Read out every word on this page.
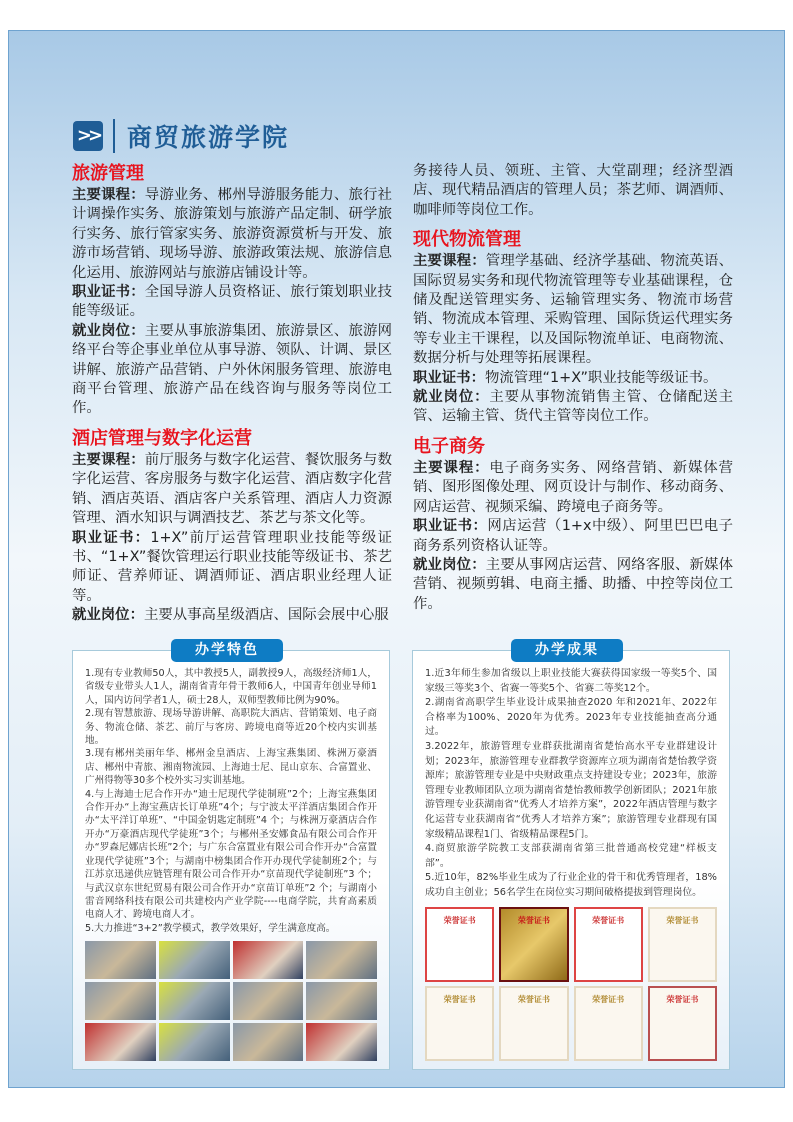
>> 商贸旅游学院
旅游管理

主要课程：导游业务、郴州导游服务能力、旅行社计调操作实务、旅游策划与旅游产品定制、研学旅行实务、旅行管家实务、旅游资源赏析与开发、旅游市场营销、现场导游、旅游政策法规、旅游信息化运用、旅游网站与旅游店铺设计等。

职业证书：全国导游人员资格证、旅行策划职业技能等级证。

就业岗位：主要从事旅游集团、旅游景区、旅游网络平台等企事业单位从事导游、领队、计调、景区讲解、旅游产品营销、户外休闲服务管理、旅游电商平台管理、旅游产品在线咨询与服务等岗位工作。

酒店管理与数字化运营

主要课程：前厅服务与数字化运营、餐饮服务与数字化运营、客房服务与数字化运营、酒店数字化营销、酒店英语、酒店客户关系管理、酒店人力资源管理、酒水知识与调酒技艺、茶艺与茶文化等。

职业证书：1+X”前厅运营管理职业技能等级证书、“1+X”餐饮管理运行职业技能等级证书、茶艺师证、营养师证、调酒师证、酒店职业经理人证等。

就业岗位：主要从事高星级酒店、国际会展中心服

务接待人员、领班、主管、大堂副理；经济型酒店、现代精品酒店的管理人员；茶艺师、调酒师、咖啡师等岗位工作。

现代物流管理

主要课程：管理学基础、经济学基础、物流英语、国际贸易实务和现代物流管理等专业基础课程，仓储及配送管理实务、运输管理实务、物流市场营销、物流成本管理、采购管理、国际货运代理实务等专业主干课程，以及国际物流单证、电商物流、数据分析与处理等拓展课程。

职业证书：物流管理“1+X”职业技能等级证书。

就业岗位：主要从事物流销售主管、仓储配送主管、运输主管、货代主管等岗位工作。

电子商务

主要课程：电子商务实务、网络营销、新媒体营销、图形图像处理、网页设计与制作、移动商务、网店运营、视频采编、跨境电子商务等。

职业证书：网店运营（1+x中级）、阿里巴巴电子商务系列资格认证等。

就业岗位：主要从事网店运营、网络客服、新媒体营销、视频剪辑、电商主播、助播、中控等岗位工作。

办学特色

1.现有专业教师50人，其中教授5人，副教授9人，高级经济师1人，省级专业带头人1人，湖南省青年骨干教师6人，中国青年创业导师1　人，国内访问学者1人，硕士28人，双师型教师比例为90%。

2.现有智慧旅游、现场导游讲解、高职院大酒店、营销策划、电子商务、物流仓储、茶艺、前厅与客房、跨境电商等近20个校内实训基地。

3.现有郴州美丽年华、郴州金皇酒店、上海宝燕集团、株洲万豪酒店、郴州中青旅、湘南物流园、上海迪士尼、昆山京东、合富置业、广州得物等30多个校外实习实训基地。

4.与上海迪士尼合作开办“迪士尼现代学徒制班”2个；上海宝燕集团合作开办“上海宝燕店长订单班”4个；与宁波太平洋酒店集团合作开办“太平洋订单班”、“中国金钥匙定制班”4 个；与株洲万豪酒店合作开办“万豪酒店现代学徒班”3个；与郴州圣安娜食品有限公司合作开办“罗森尼娜店长班”2个；与广东合富置业有限公司合作开办“合富置业现代学徒班”3个；与湖南中榜集团合作开办现代学徒制班2个；与江苏京迅递供应链管理有限公司合作开办“京苗现代学徒制班”3 个；与武汉京东世纪贸易有限公司合作开办“京苗订单班”2 个；与湖南小雷音网络科技有限公司共建校内产业学院----电商学院，共育高素质电商人才、跨境电商人才。

5.大力推进“3+2”教学模式，教学效果好，学生满意度高。

办学成果

1.近3年师生参加省级以上职业技能大赛获得国家级一等奖5个、国家级三等奖3个、省赛一等奖5个、省赛二等奖12个。

2.湖南省高职学生毕业设计成果抽查2020 年和2021年、2022年合格率为100%、2020年为优秀。2023年专业技能抽查高分通过。

3.2022年，旅游管理专业群获批湖南省楚怡高水平专业群建设计划；2023年，旅游管理专业群教学资源库立项为湖南省楚怡教学资源库；旅游管理专业是中央财政重点支持建设专业；2023年，旅游管理专业教师团队立项为湖南省楚怡教师教学创新团队；2021年旅游管理专业获湖南省“优秀人才培养方案”，2022年酒店管理与数字化运营专业获湖南省“优秀人才培养方案”；旅游管理专业群现有国家级精品课程1门、省级精品课程5门。

4.商贸旅游学院教工支部获湖南省第三批普通高校党建“样板支部”。

5.近10年，82%毕业生成为了行业企业的骨干和优秀管理者，18%成功自主创业；56名学生在岗位实习期间破格提拔到管理岗位。

荣誉证书	荣誉证书	荣誉证书	荣誉证书
荣誉证书	荣誉证书	荣誉证书	荣誉证书
